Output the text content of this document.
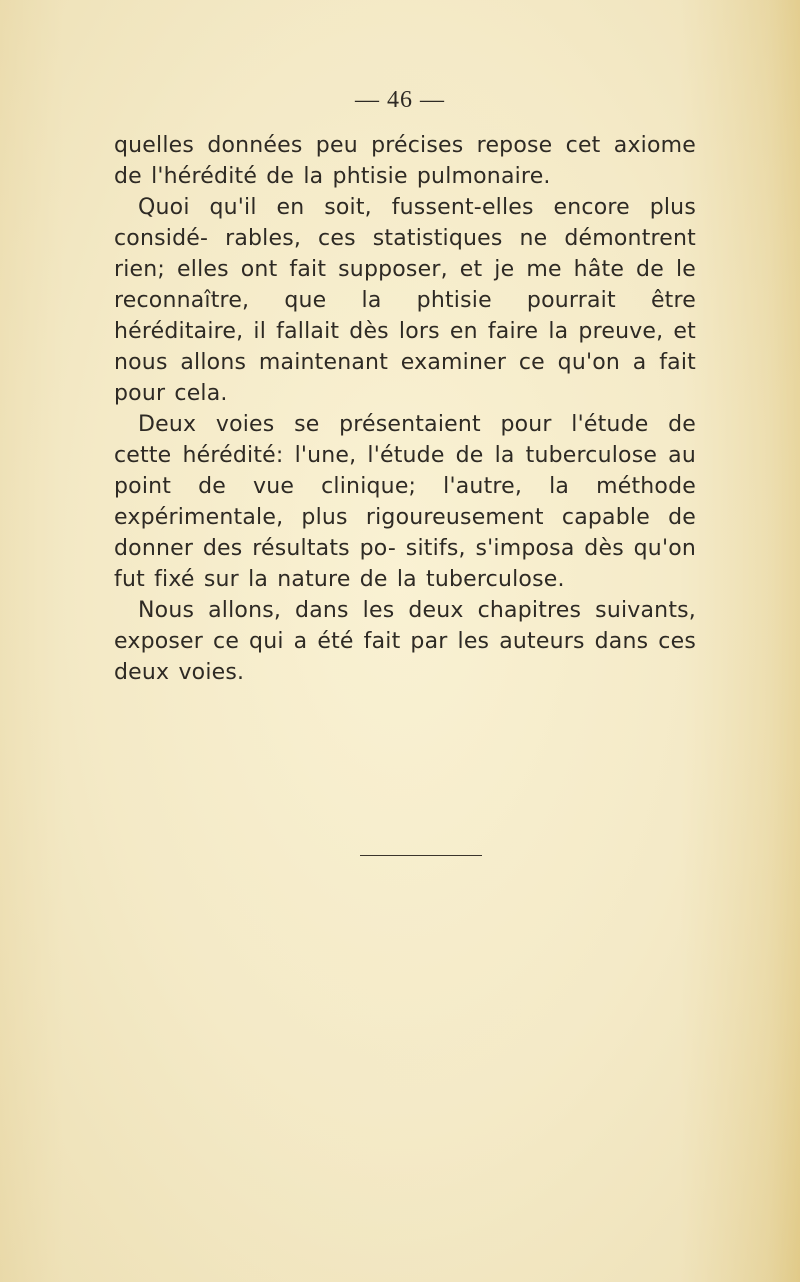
— 46 —

quelles données peu précises repose cet axiome de l'hérédité de la phtisie pulmonaire.

Quoi qu'il en soit, fussent-elles encore plus considé- rables, ces statistiques ne démontrent rien; elles ont fait supposer, et je me hâte de le reconnaître, que la phtisie pourrait être héréditaire, il fallait dès lors en faire la preuve, et nous allons maintenant examiner ce qu'on a fait pour cela.

Deux voies se présentaient pour l'étude de cette hérédité: l'une, l'étude de la tuberculose au point de vue clinique; l'autre, la méthode expérimentale, plus rigoureusement capable de donner des résultats po- sitifs, s'imposa dès qu'on fut fixé sur la nature de la tuberculose.

Nous allons, dans les deux chapitres suivants, exposer ce qui a été fait par les auteurs dans ces deux voies.
